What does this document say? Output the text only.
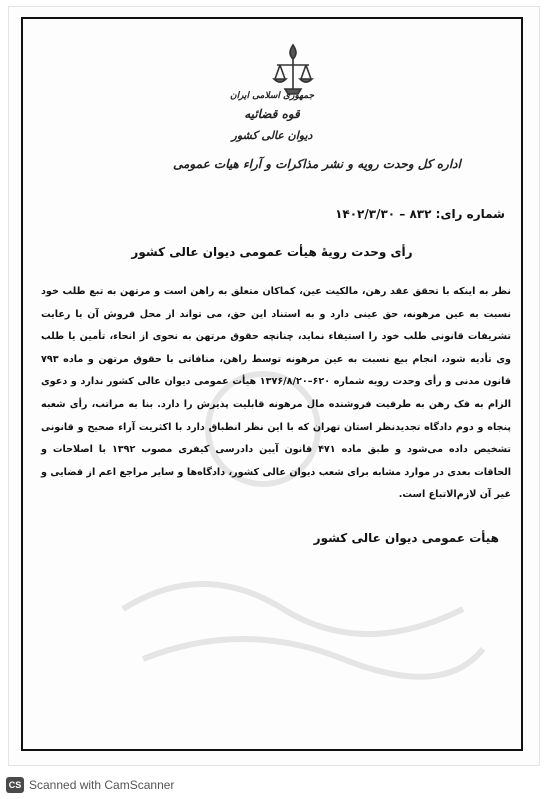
جمهوری اسلامی ایران
قوه قضائیه
دیوان عالی کشور
اداره کل وحدت رویه و نشر مذاکرات و آراء هیات عمومی
شماره رای: ۸۳۲ – ۱۴۰۲/۳/۳۰
رأی وحدت رویۀ هیأت عمومی دیوان عالی کشور
نظر به اینکه با تحقق عقد رهن، مالکیت عین، کماکان متعلق به راهن است و مرتهن به تبع طلب خود نسبت به عین مرهونه، حق عینی دارد و به استناد این حق، می تواند از محل فروش آن با رعایت تشریفات قانونی طلب خود را استیفاء نماید، چنانچه حقوق مرتهن به نحوی از انحاء، تأمین یا طلب وی تأدیه شود، انجام بیع نسبت به عین مرهونه توسط راهن، منافاتی با حقوق مرتهن و ماده ۷۹۳ قانون مدنی و رأی وحدت رویه شماره ۶۲۰–۱۳۷۶/۸/۲۰ هیأت عمومی دیوان عالی کشور ندارد و دعوی الزام به فک رهن به طرفیت فروشنده مال مرهونه قابلیت پذیرش را دارد. بنا به مراتب، رأی شعبه پنجاه و دوم دادگاه تجدیدنظر استان تهران که با این نظر انطباق دارد با اکثریت آراء صحیح و قانونی تشخیص داده می‌شود و طبق ماده ۴۷۱ قانون آیین دادرسی کیفری مصوب ۱۳۹۲ با اصلاحات و الحاقات بعدی در موارد مشابه برای شعب دیوان عالی کشور، دادگاه‌ها و سایر مراجع اعم از قضایی و غیر آن لازم‌الاتباع است.
هیأت عمومی دیوان عالی کشور
CS Scanned with CamScanner
